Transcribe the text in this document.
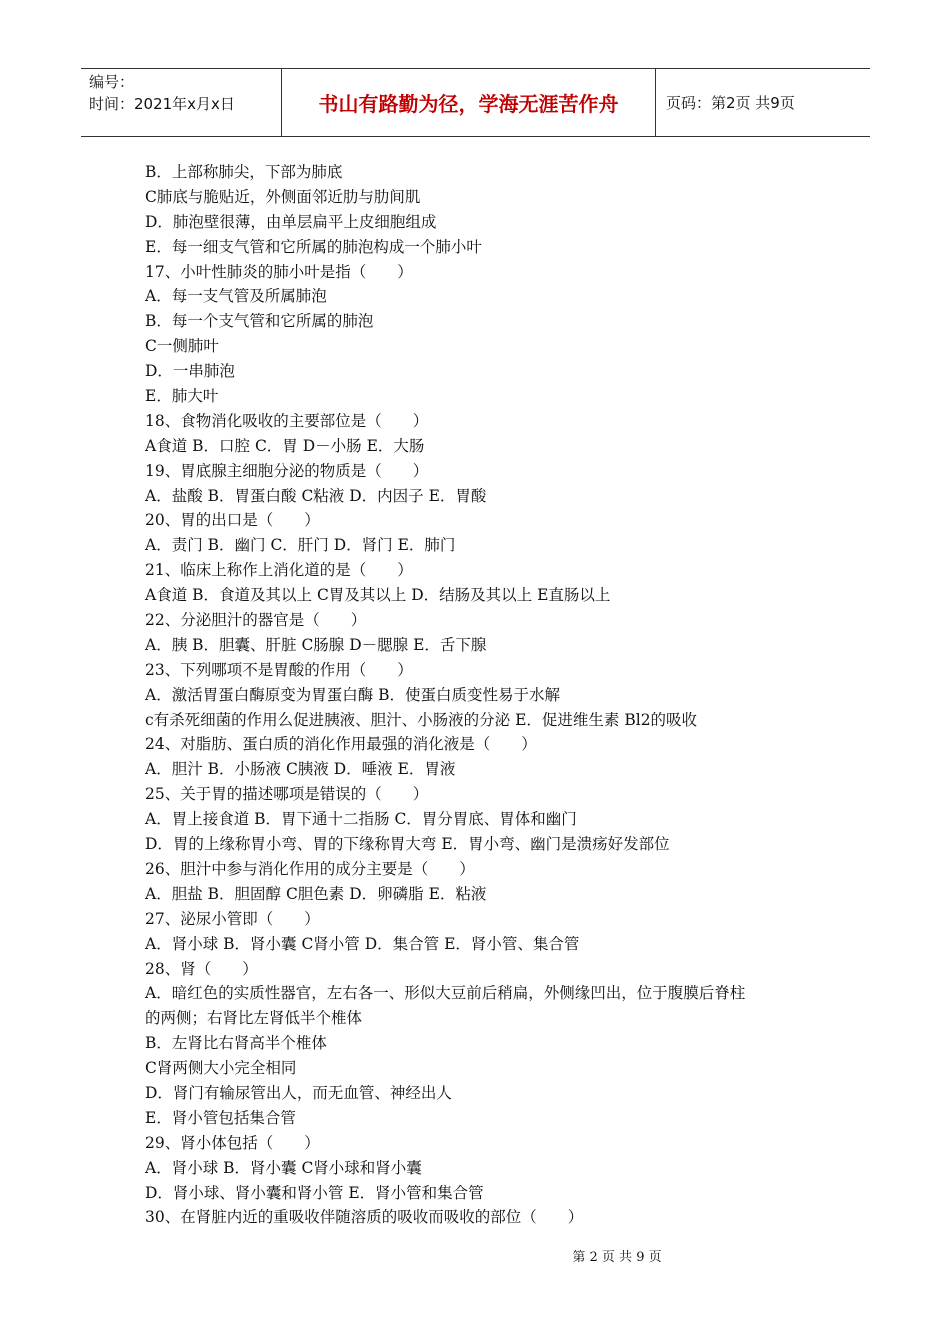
编号：
时间：2021年x月x日	书山有路勤为径，学海无涯苦作舟	页码：第2页 共9页
B．上部称肺尖，下部为肺底
C肺底与脆贴近，外侧面邻近肋与肋间肌
D．肺泡壁很薄，由单层扁平上皮细胞组成
E．每一细支气管和它所属的肺泡构成一个肺小叶
17、小叶性肺炎的肺小叶是指（　　）
A．每一支气管及所属肺泡
B．每一个支气管和它所属的肺泡
C一侧肺叶
D．一串肺泡
E．肺大叶
18、食物消化吸收的主要部位是（　　）
A食道 B．口腔 C．胃 D－小肠 E．大肠
19、胃底腺主细胞分泌的物质是（　　）
A．盐酸 B．胃蛋白酸 C粘液 D．内因子 E．胃酸
20、胃的出口是（　　）
A．责门 B．幽门 C．肝门 D．肾门 E．肺门
21、临床上称作上消化道的是（　　）
A食道 B．食道及其以上 C胃及其以上 D．结肠及其以上 E直肠以上
22、分泌胆汁的器官是（　　）
A．胰 B．胆囊、肝脏 C肠腺 D－腮腺 E．舌下腺
23、下列哪项不是胃酸的作用（　　）
A．激活胃蛋白酶原变为胃蛋白酶 B．使蛋白质变性易于水解
c有杀死细菌的作用么促进胰液、胆汁、小肠液的分泌 E．促进维生素 Bl2的吸收
24、对脂肪、蛋白质的消化作用最强的消化液是（　　）
A．胆汁 B．小肠液 C胰液 D．唾液 E．胃液
25、关于胃的描述哪项是错误的（　　）
A．胃上接食道 B．胃下通十二指肠 C．胃分胃底、胃体和幽门
D．胃的上缘称胃小弯、胃的下缘称胃大弯 E．胃小弯、幽门是溃疡好发部位
26、胆汁中参与消化作用的成分主要是（　　）
A．胆盐 B．胆固醇 C胆色素 D．卵磷脂 E．粘液
27、泌尿小管即（　　）
A．肾小球 B．肾小囊 C肾小管 D．集合管 E．肾小管、集合管
28、肾（　　）
A．暗红色的实质性器官，左右各一、形似大豆前后稍扁，外侧缘凹出，位于腹膜后脊柱
的两侧；右肾比左肾低半个椎体
B．左肾比右肾高半个椎体
C肾两侧大小完全相同
D．肾门有输尿管出人，而无血管、神经出人
E．肾小管包括集合管
29、肾小体包括（　　）
A．肾小球 B．肾小囊 C肾小球和肾小囊
D．肾小球、肾小囊和肾小管 E．肾小管和集合管
30、在肾脏内近的重吸收伴随溶质的吸收而吸收的部位（　　）
第 2 页 共 9 页
